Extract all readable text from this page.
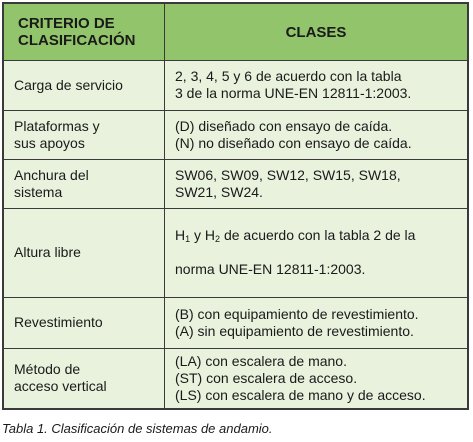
CRITERIO DE
CLASIFICACIÓN	CLASES
Carga de servicio	2, 3, 4, 5 y 6 de acuerdo con la tabla
3 de la norma UNE-EN 12811-1:2003.
Plataformas y
sus apoyos	(D) diseñado con ensayo de caída.
(N) no diseñado con ensayo de caída.
Anchura del
sistema	SW06, SW09, SW12, SW15, SW18,
SW21, SW24.
Altura libre	$H_1$ y $H_2$ de acuerdo con la tabla 2 de la

norma UNE-EN 12811-1:2003.

Revestimiento	(B) con equipamiento de revestimiento.
(A) sin equipamiento de revestimiento.
Método de
acceso vertical	(LA) con escalera de mano.
(ST) con escalera de acceso.
(LS) con escalera de mano y de acceso.
Tabla 1. Clasificación de sistemas de andamio.
